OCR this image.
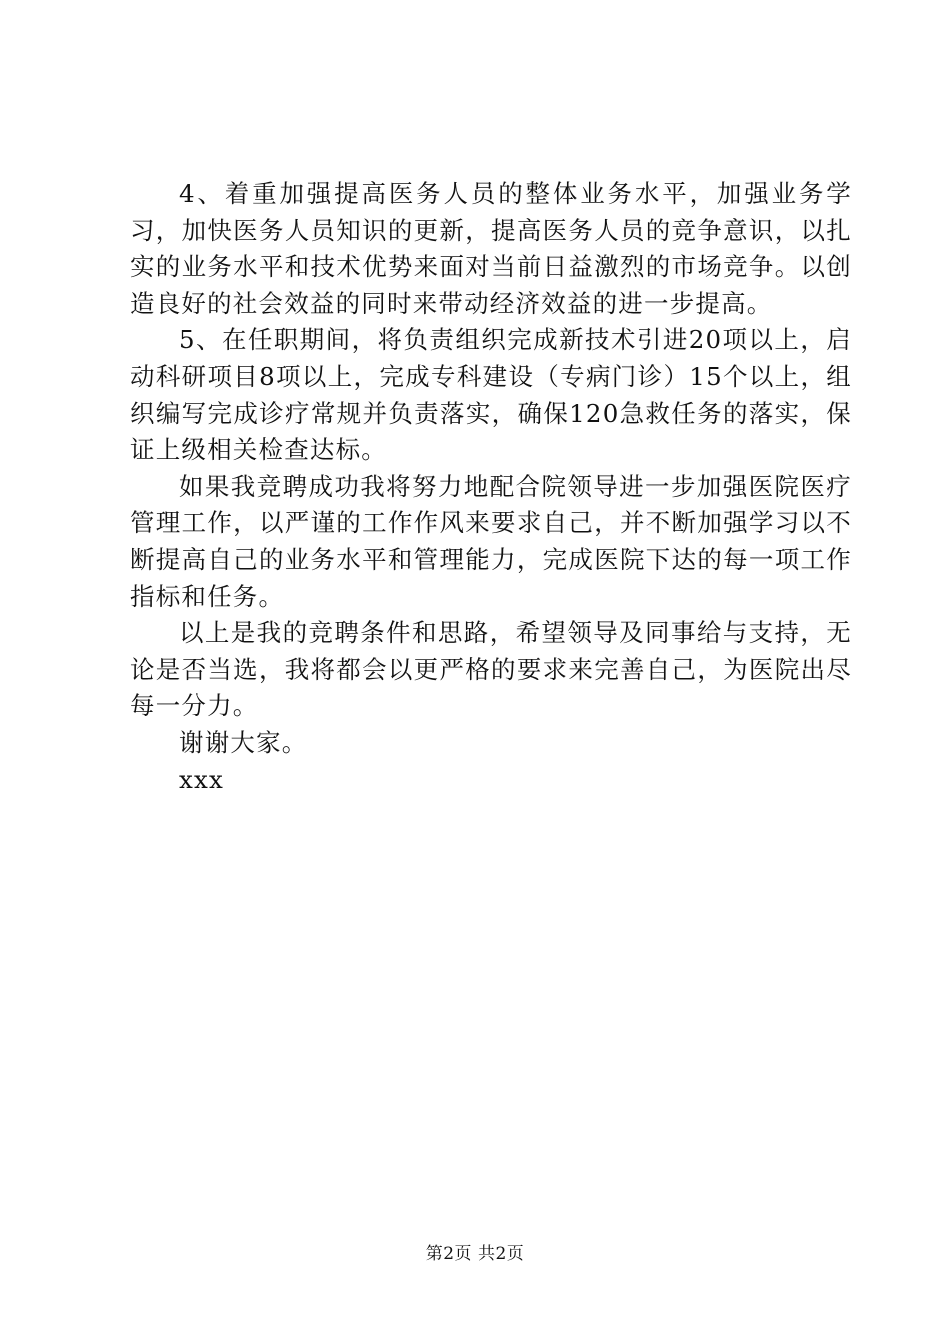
4、着重加强提高医务人员的整体业务水平，加强业务学习，加快医务人员知识的更新，提高医务人员的竞争意识，以扎实的业务水平和技术优势来面对当前日益激烈的市场竞争。以创造良好的社会效益的同时来带动经济效益的进一步提高。

5、在任职期间，将负责组织完成新技术引进20项以上，启动科研项目8项以上，完成专科建设（专病门诊）15个以上，组织编写完成诊疗常规并负责落实，确保120急救任务的落实，保证上级相关检查达标。

如果我竞聘成功我将努力地配合院领导进一步加强医院医疗管理工作，以严谨的工作作风来要求自己，并不断加强学习以不断提高自己的业务水平和管理能力，完成医院下达的每一项工作指标和任务。

以上是我的竞聘条件和思路，希望领导及同事给与支持，无论是否当选，我将都会以更严格的要求来完善自己，为医院出尽每一分力。

谢谢大家。

xxx

第2页 共2页
